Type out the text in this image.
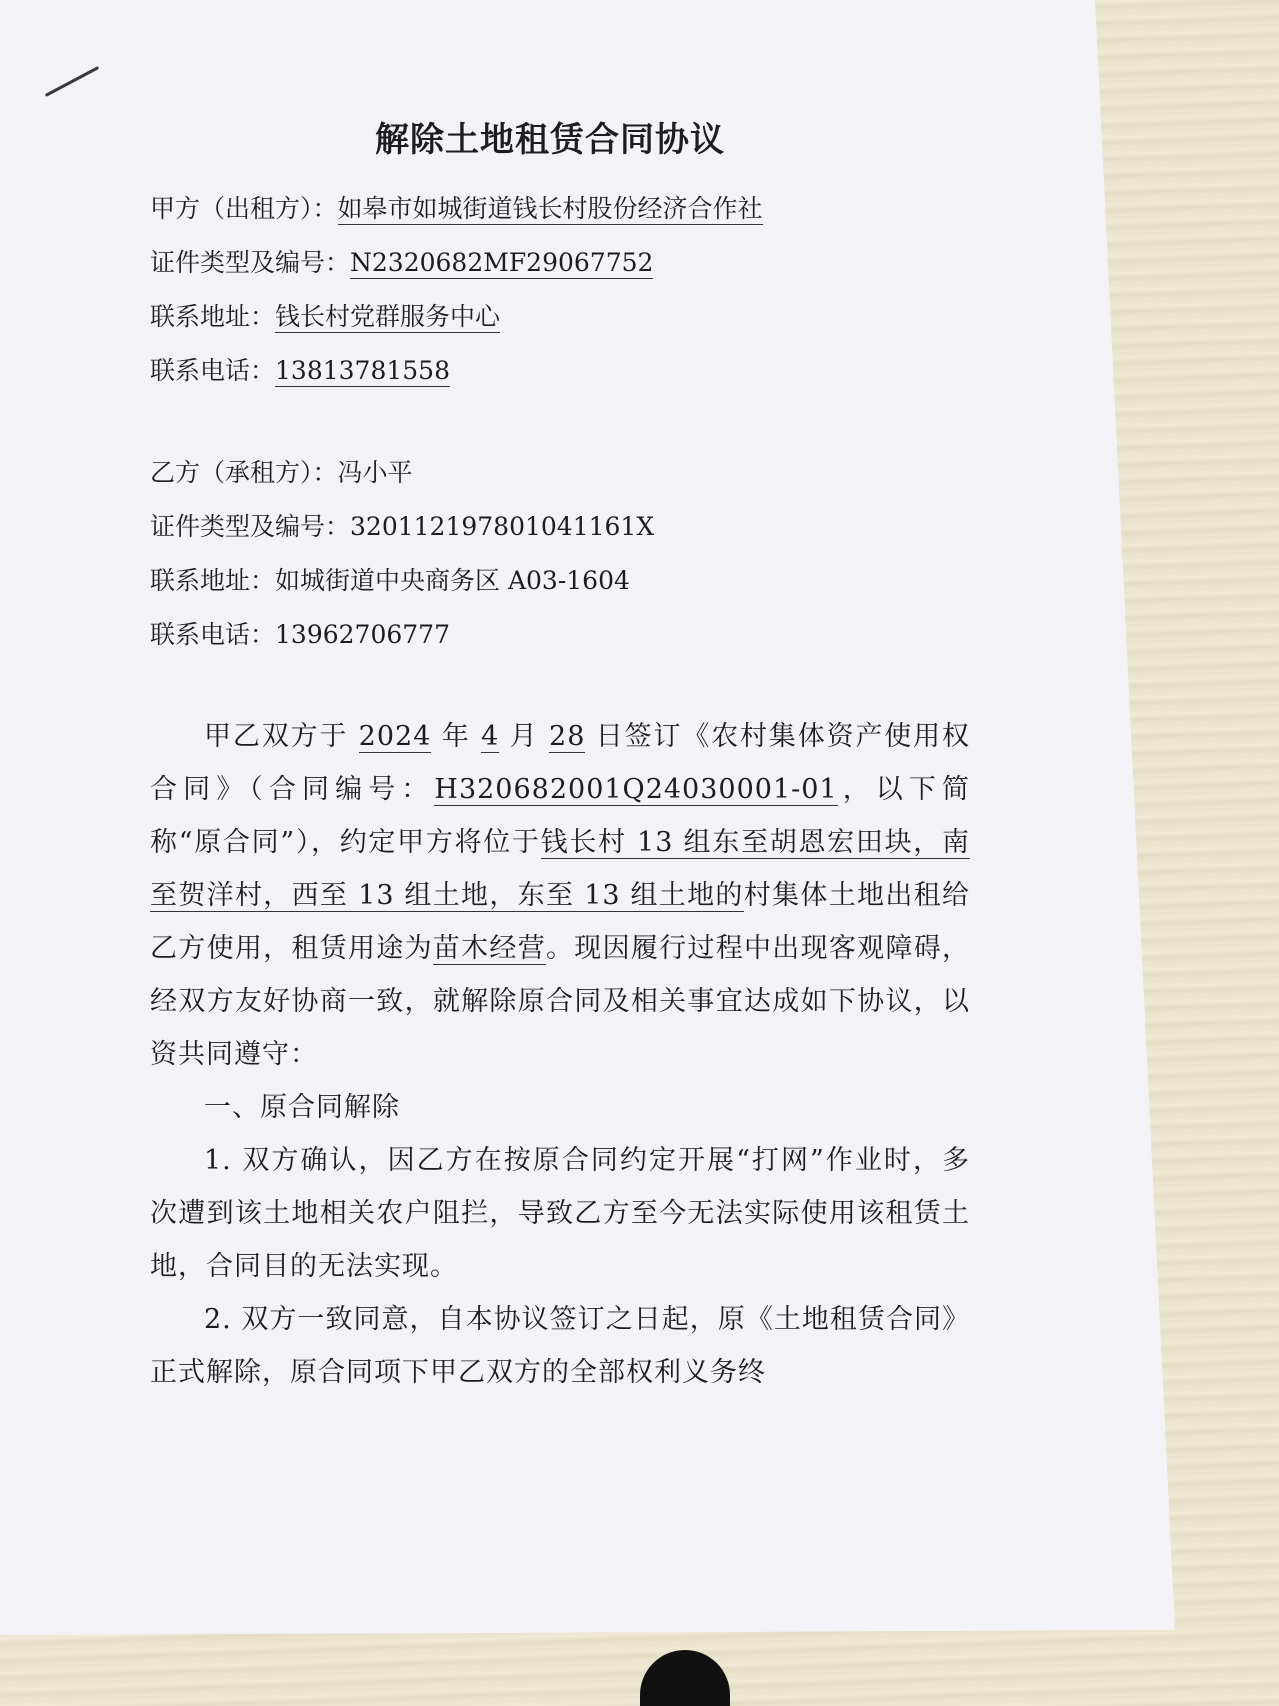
解除土地租赁合同协议
甲方（出租方）：如皋市如城街道钱长村股份经济合作社
证件类型及编号：N2320682MF29067752
联系地址：钱长村党群服务中心
联系电话：13813781558
乙方（承租方）：冯小平
证件类型及编号：320112197801041161X
联系地址：如城街道中央商务区 A03-1604
联系电话：13962706777

甲乙双方于 2024 年 4 月 28 日签订《农村集体资产使用权合同》（合同编号：H320682001Q24030001-01，以下简称“原合同”），约定甲方将位于钱长村 13 组东至胡恩宏田块，南至贺洋村，西至 13 组土地，东至 13 组土地的村集体土地出租给乙方使用，租赁用途为苗木经营。现因履行过程中出现客观障碍，经双方友好协商一致，就解除原合同及相关事宜达成如下协议，以资共同遵守：

一、原合同解除

1. 双方确认，因乙方在按原合同约定开展“打网”作业时，多次遭到该土地相关农户阻拦，导致乙方至今无法实际使用该租赁土地，合同目的无法实现。

2. 双方一致同意，自本协议签订之日起，原《土地租赁合同》正式解除，原合同项下甲乙双方的全部权利义务终
